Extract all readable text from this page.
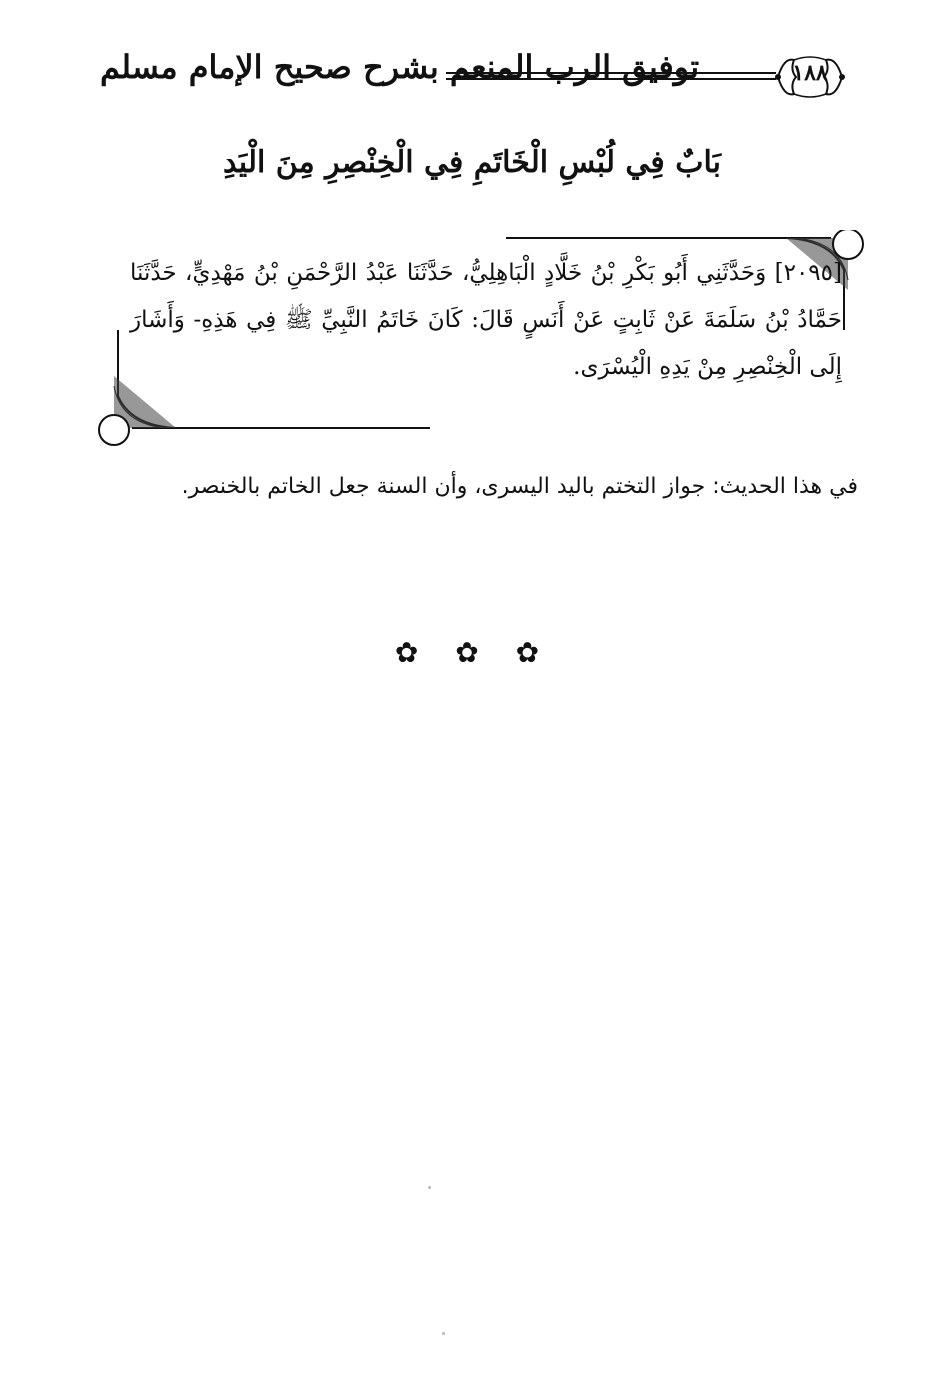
توفيق الرب المنعم بشرح صحيح الإمام مسلم	١٨٨
بَابٌ فِي لُبْسِ الْخَاتَمِ فِي الْخِنْصِرِ مِنَ الْيَدِ
[٢٠٩٥] وَحَدَّثَنِي أَبُو بَكْرِ بْنُ خَلَّادٍ الْبَاهِلِيُّ، حَدَّثَنَا عَبْدُ الرَّحْمَنِ بْنُ مَهْدِيٍّ، حَدَّثَنَا حَمَّادُ بْنُ سَلَمَةَ عَنْ ثَابِتٍ عَنْ أَنَسٍ قَالَ: كَانَ خَاتَمُ النَّبِيِّ ﷺ فِي هَذِهِ- وَأَشَارَ إِلَى الْخِنْصِرِ مِنْ يَدِهِ الْيُسْرَى.
في هذا الحديث: جواز التختم باليد اليسرى، وأن السنة جعل الخاتم بالخنصر.
✿ ✿ ✿
